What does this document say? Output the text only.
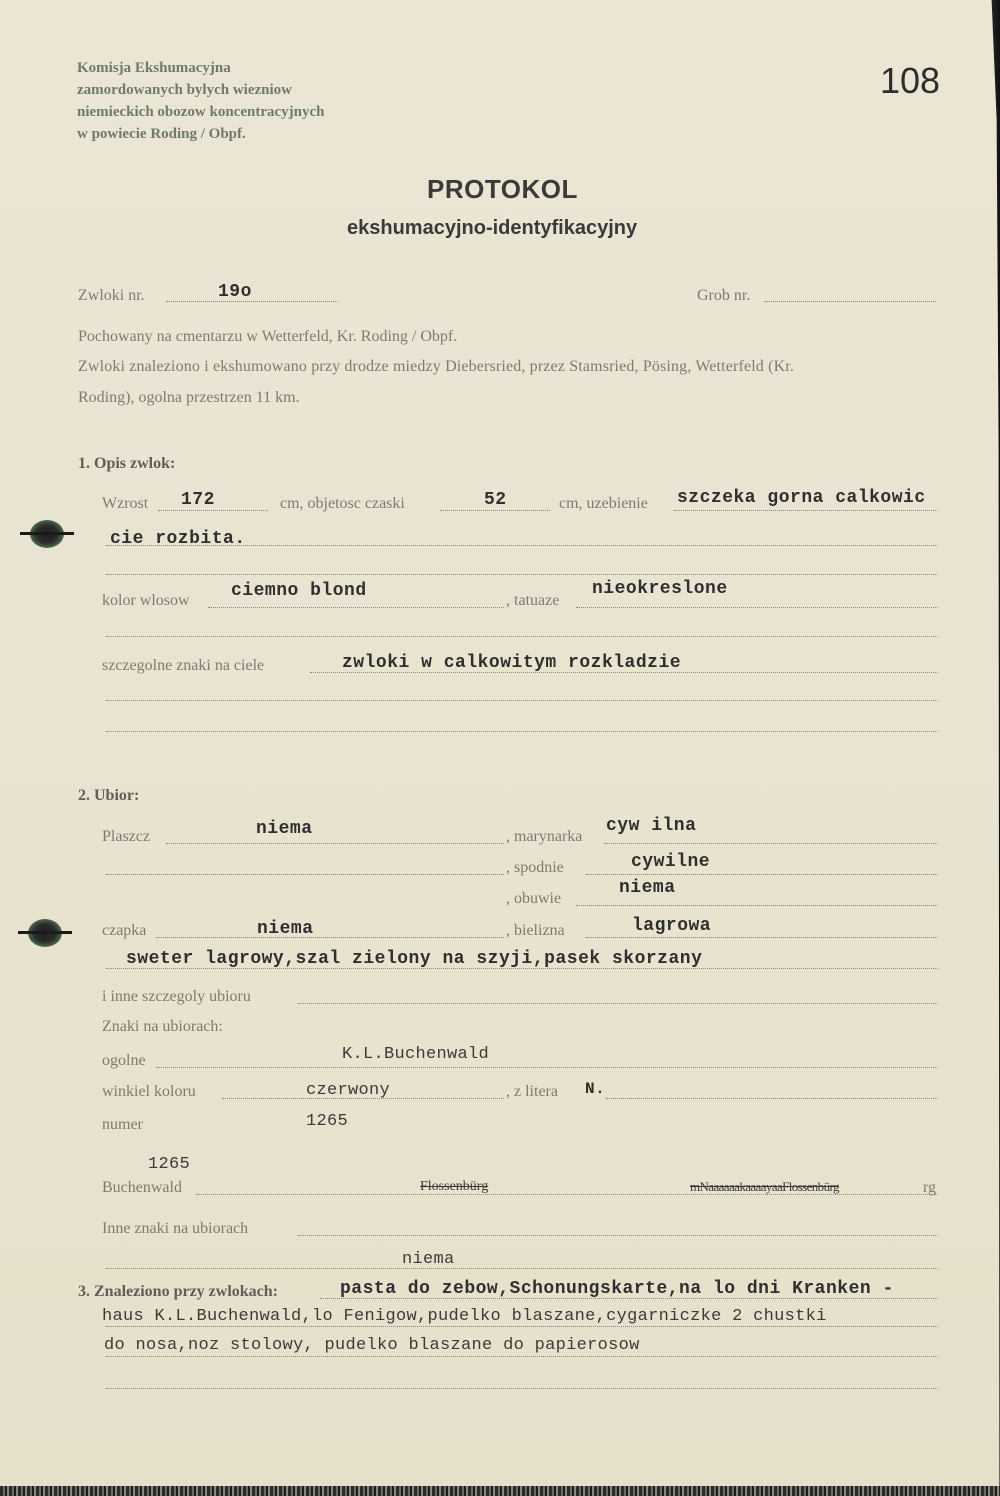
Komisja Ekshumacyjna
zamordowanych bylych wiezniow
niemieckich obozow koncentracyjnych
w powiecie Roding / Obpf.
108
PROTOKOL
ekshumacyjno-identyfikacyjny
Zwloki nr.	19o	Grob nr.
Pochowany na cmentarzu w Wetterfeld, Kr. Roding / Obpf.
Zwloki znaleziono i ekshumowano przy drodze miedzy Diebersried, przez Stamsried, Pösing, Wetterfeld (Kr.
Roding), ogolna przestrzen 11 km.
1. Opis zwlok:
Wzrost 172	cm, objetosc czaski	52	cm, uzebienie szczeka gorna calkowic
cie rozbita.
kolor wlosow ciemno blond	, tatuaze
nieokreslone
szczegolne znaki na ciele	zwloki w calkowitym rozkladzie
2. Ubior:
Plaszcz	niema	, marynarka
cyw ilna
, spodnie	cywilne
, obuwie
niema
czapka	niema	, bielizna	lagrowa
sweter lagrowy,szal zielony na szyji,pasek skorzany
i inne szczegoly ubioru
Znaki na ubiorach:
ogolne	K.L.Buchenwald
winkiel koloru	czerwony	, z litera N.
numer	1265
1265
Buchenwald	Flossenbürg	mNaaaaaakaaaayaaFlossenbürg	rg
Inne znaki na ubiorach
niema
3. Znaleziono przy zwlokach:	pasta do zebow,Schonungskarte,na lo dni Kranken -
haus K.L.Buchenwald,lo Fenigow,pudelko blaszane,cygarniczke 2 chustki
do nosa,noz stolowy, pudelko blaszane do papierosow
